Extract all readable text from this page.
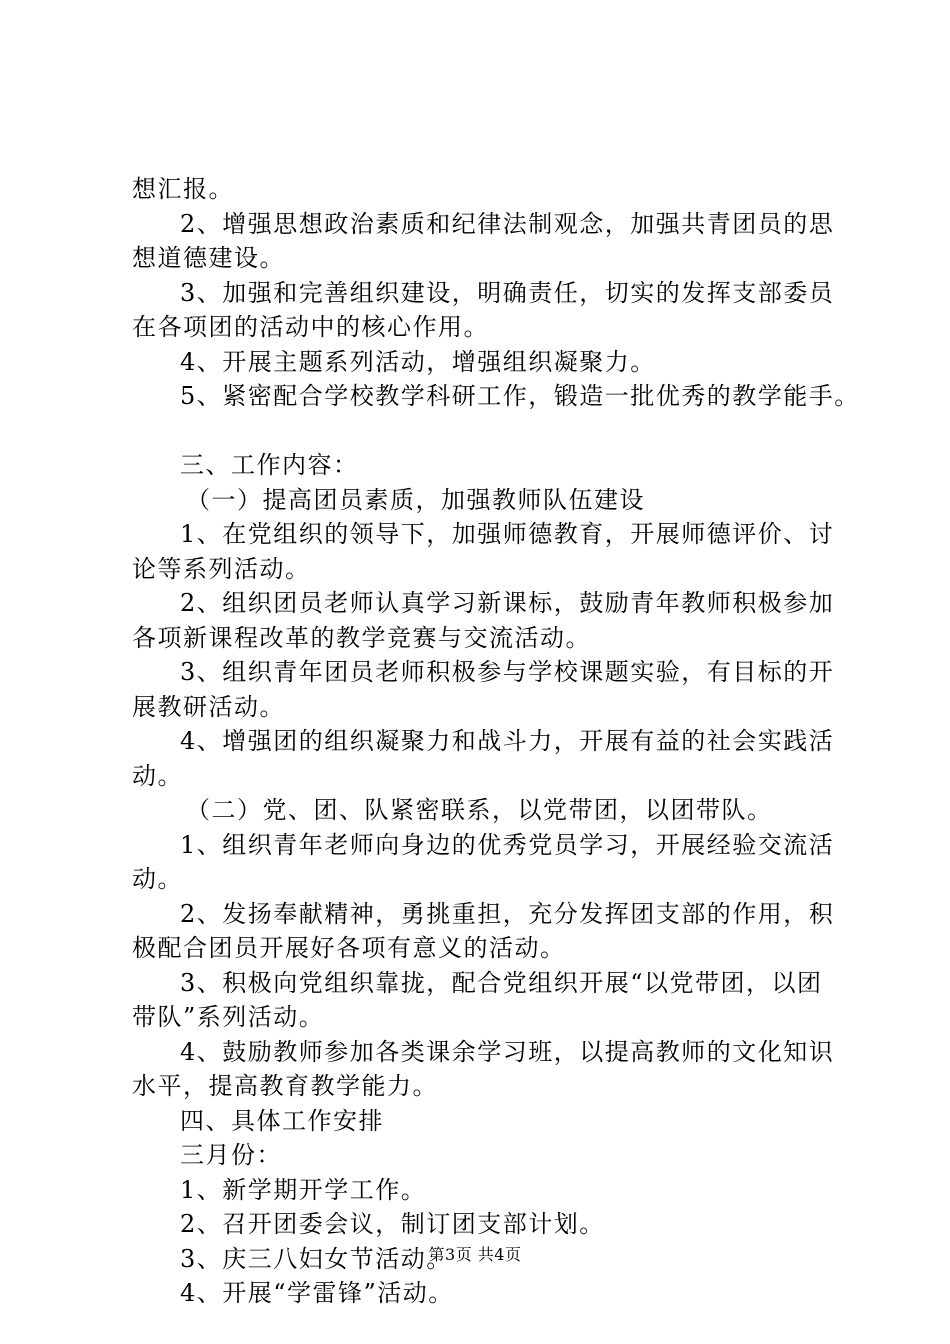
想汇报。
2、增强思想政治素质和纪律法制观念，加强共青团员的思
想道德建设。
3、加强和完善组织建设，明确责任，切实的发挥支部委员
在各项团的活动中的核心作用。
4、开展主题系列活动，增强组织凝聚力。
5、紧密配合学校教学科研工作，锻造一批优秀的教学能手。
三、工作内容：
（一）提高团员素质，加强教师队伍建设
1、在党组织的领导下，加强师德教育，开展师德评价、讨
论等系列活动。
2、组织团员老师认真学习新课标，鼓励青年教师积极参加
各项新课程改革的教学竞赛与交流活动。
3、组织青年团员老师积极参与学校课题实验，有目标的开
展教研活动。
4、增强团的组织凝聚力和战斗力，开展有益的社会实践活
动。
（二）党、团、队紧密联系，以党带团，以团带队。
1、组织青年老师向身边的优秀党员学习，开展经验交流活
动。
2、发扬奉献精神，勇挑重担，充分发挥团支部的作用，积
极配合团员开展好各项有意义的活动。
3、积极向党组织靠拢，配合党组织开展“以党带团，以团
带队”系列活动。
4、鼓励教师参加各类课余学习班，以提高教师的文化知识
水平，提高教育教学能力。
四、具体工作安排
三月份：
1、新学期开学工作。
2、召开团委会议，制订团支部计划。
3、庆三八妇女节活动。
4、开展“学雷锋”活动。
第3页 共4页
